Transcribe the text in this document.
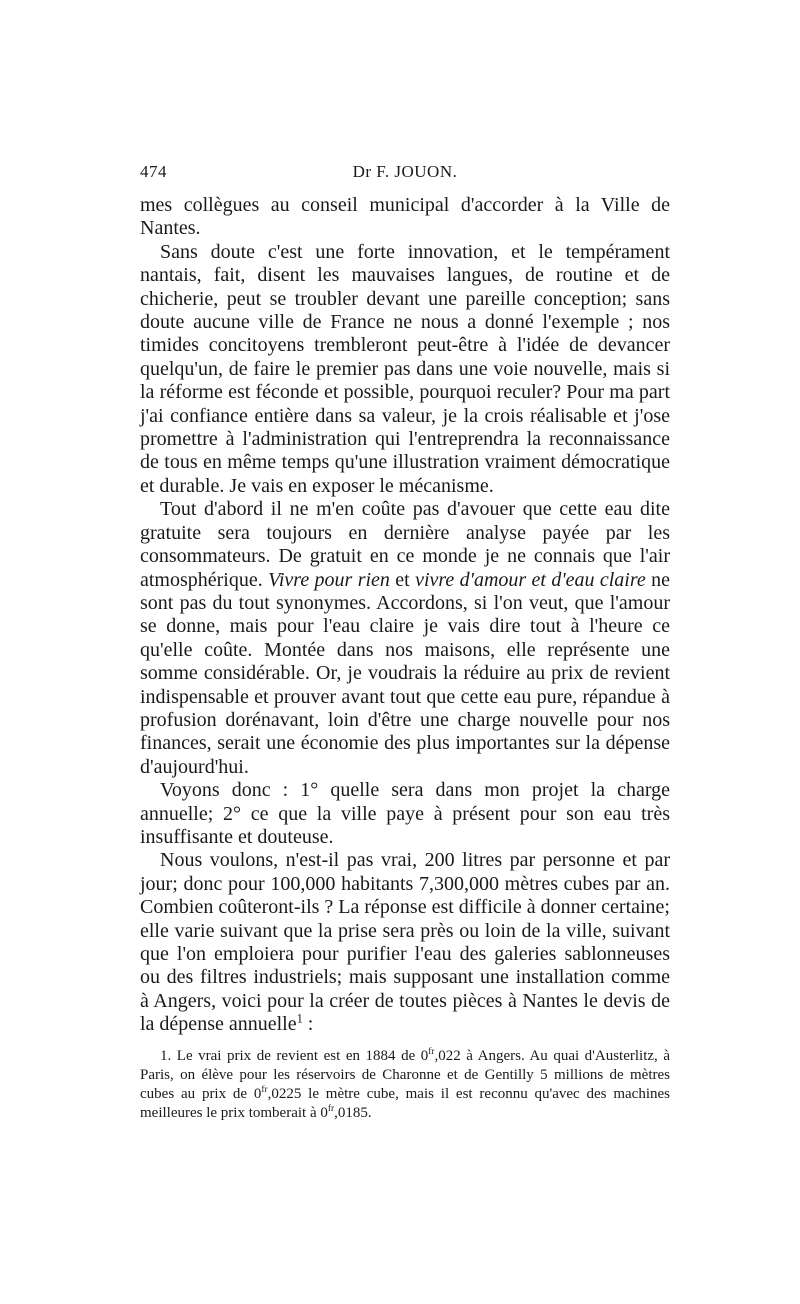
474	Dr F. JOUON.

mes collègues au conseil municipal d'accorder à la Ville de Nantes.

Sans doute c'est une forte innovation, et le tempérament nantais, fait, disent les mauvaises langues, de routine et de chicherie, peut se troubler devant une pareille conception; sans doute aucune ville de France ne nous a donné l'exemple ; nos timides concitoyens trembleront peut-être à l'idée de devancer quelqu'un, de faire le premier pas dans une voie nouvelle, mais si la réforme est féconde et possible, pourquoi reculer? Pour ma part j'ai confiance entière dans sa valeur, je la crois réalisable et j'ose promettre à l'administration qui l'entreprendra la reconnaissance de tous en même temps qu'une illustration vraiment démocratique et durable. Je vais en exposer le mécanisme.

Tout d'abord il ne m'en coûte pas d'avouer que cette eau dite gratuite sera toujours en dernière analyse payée par les consommateurs. De gratuit en ce monde je ne connais que l'air atmosphérique. Vivre pour rien et vivre d'amour et d'eau claire ne sont pas du tout synonymes. Accordons, si l'on veut, que l'amour se donne, mais pour l'eau claire je vais dire tout à l'heure ce qu'elle coûte. Montée dans nos maisons, elle représente une somme considérable. Or, je voudrais la réduire au prix de revient indispensable et prouver avant tout que cette eau pure, répandue à profusion dorénavant, loin d'être une charge nouvelle pour nos finances, serait une économie des plus importantes sur la dépense d'aujourd'hui.

Voyons donc : 1° quelle sera dans mon projet la charge annuelle; 2° ce que la ville paye à présent pour son eau très insuffisante et douteuse.

Nous voulons, n'est-il pas vrai, 200 litres par personne et par jour; donc pour 100,000 habitants 7,300,000 mètres cubes par an. Combien coûteront-ils ? La réponse est difficile à donner certaine; elle varie suivant que la prise sera près ou loin de la ville, suivant que l'on emploiera pour purifier l'eau des galeries sablonneuses ou des filtres industriels; mais supposant une installation comme à Angers, voici pour la créer de toutes pièces à Nantes le devis de la dépense annuelle$^1$ :

1. Le vrai prix de revient est en 1884 de $0^{fr},022$ à Angers. Au quai d'Austerlitz, à Paris, on élève pour les réservoirs de Charonne et de Gentilly 5 millions de mètres cubes au prix de $0^{fr},0225$ le mètre cube, mais il est reconnu qu'avec des machines meilleures le prix tomberait à $0^{fr},0185$.
